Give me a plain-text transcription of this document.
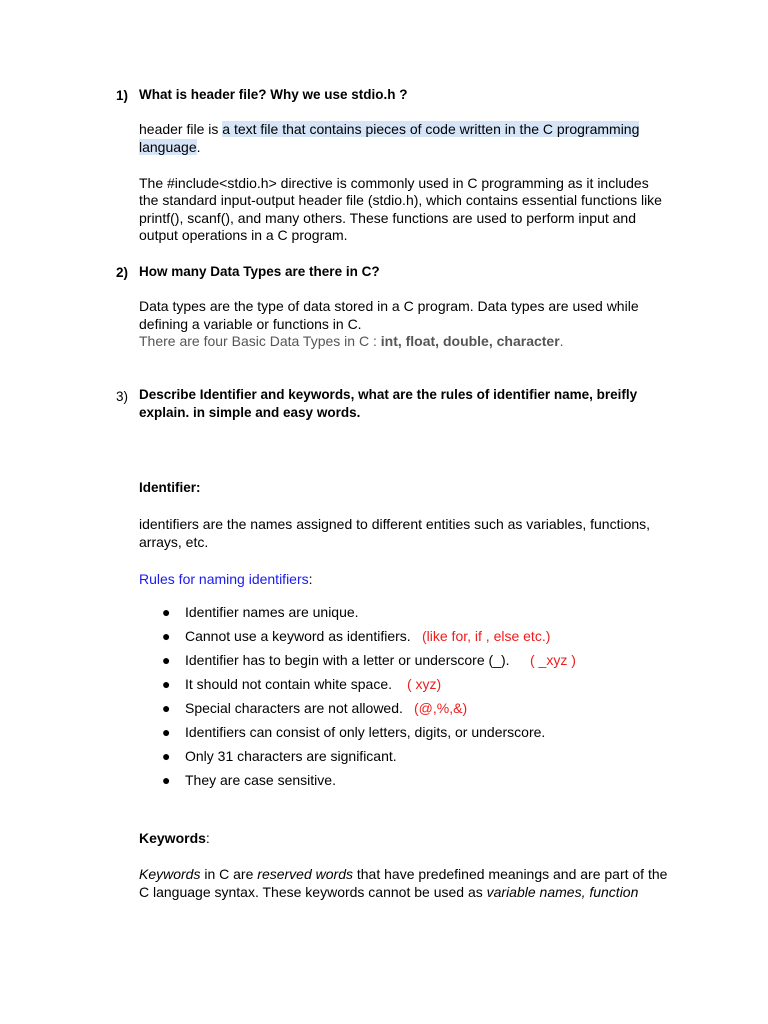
1) What is header file? Why we use stdio.h ?
header file is a text file that contains pieces of code written in the C programming
language.
The #include<stdio.h> directive is commonly used in C programming as it includes
the standard input-output header file (stdio.h), which contains essential functions like
printf(), scanf(), and many others. These functions are used to perform input and
output operations in a C program.
2) How many Data Types are there in C?
Data types are the type of data stored in a C program. Data types are used while
defining a variable or functions in C.
There are four Basic Data Types in C : int, float, double, character.
3) Describe Identifier and keywords, what are the rules of identifier name, breifly
explain. in simple and easy words.
Identifier:
identifiers are the names assigned to different entities such as variables, functions,
arrays, etc.
Rules for naming identifiers:
● Identifier names are unique.
● Cannot use a keyword as identifiers. (like for, if , else etc.)
● Identifier has to begin with a letter or underscore (_). ( _xyz )
● It should not contain white space. ( xyz)
● Special characters are not allowed. (@,%,&)
● Identifiers can consist of only letters, digits, or underscore.
● Only 31 characters are significant.
● They are case sensitive.
Keywords:
Keywords in C are reserved words that have predefined meanings and are part of the
C language syntax. These keywords cannot be used as variable names, function
